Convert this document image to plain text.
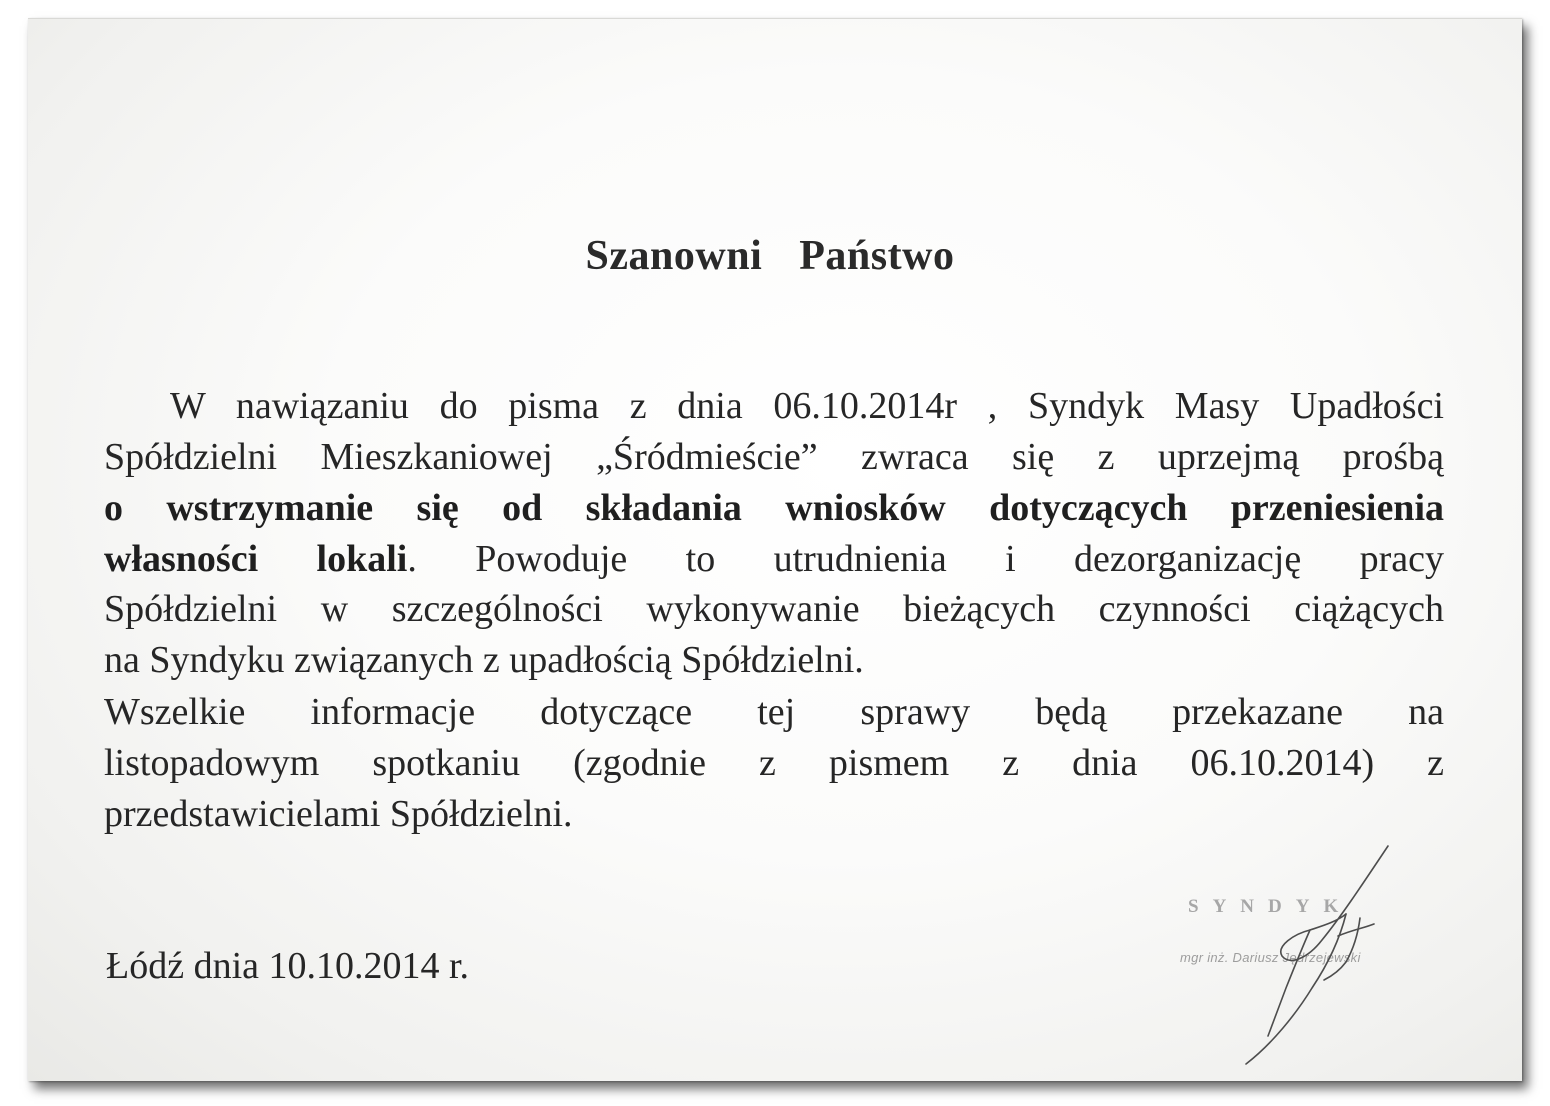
Szanowni Państwo
W nawiązaniu do pisma z dnia 06.10.2014r , Syndyk Masy Upadłości
Spółdzielni Mieszkaniowej „Śródmieście” zwraca się z uprzejmą prośbą
o wstrzymanie się od składania wniosków dotyczących przeniesienia
własności lokali. Powoduje to utrudnienia i dezorganizację pracy
Spółdzielni w szczególności wykonywanie bieżących czynności ciążących
na Syndyku związanych z upadłością Spółdzielni.
Wszelkie informacje dotyczące tej sprawy będą przekazane na
listopadowym spotkaniu (zgodnie z pismem z dnia 06.10.2014) z
przedstawicielami Spółdzielni.
Łódź dnia 10.10.2014 r.
SYNDYK
mgr inż. Dariusz Jędrzejewski
